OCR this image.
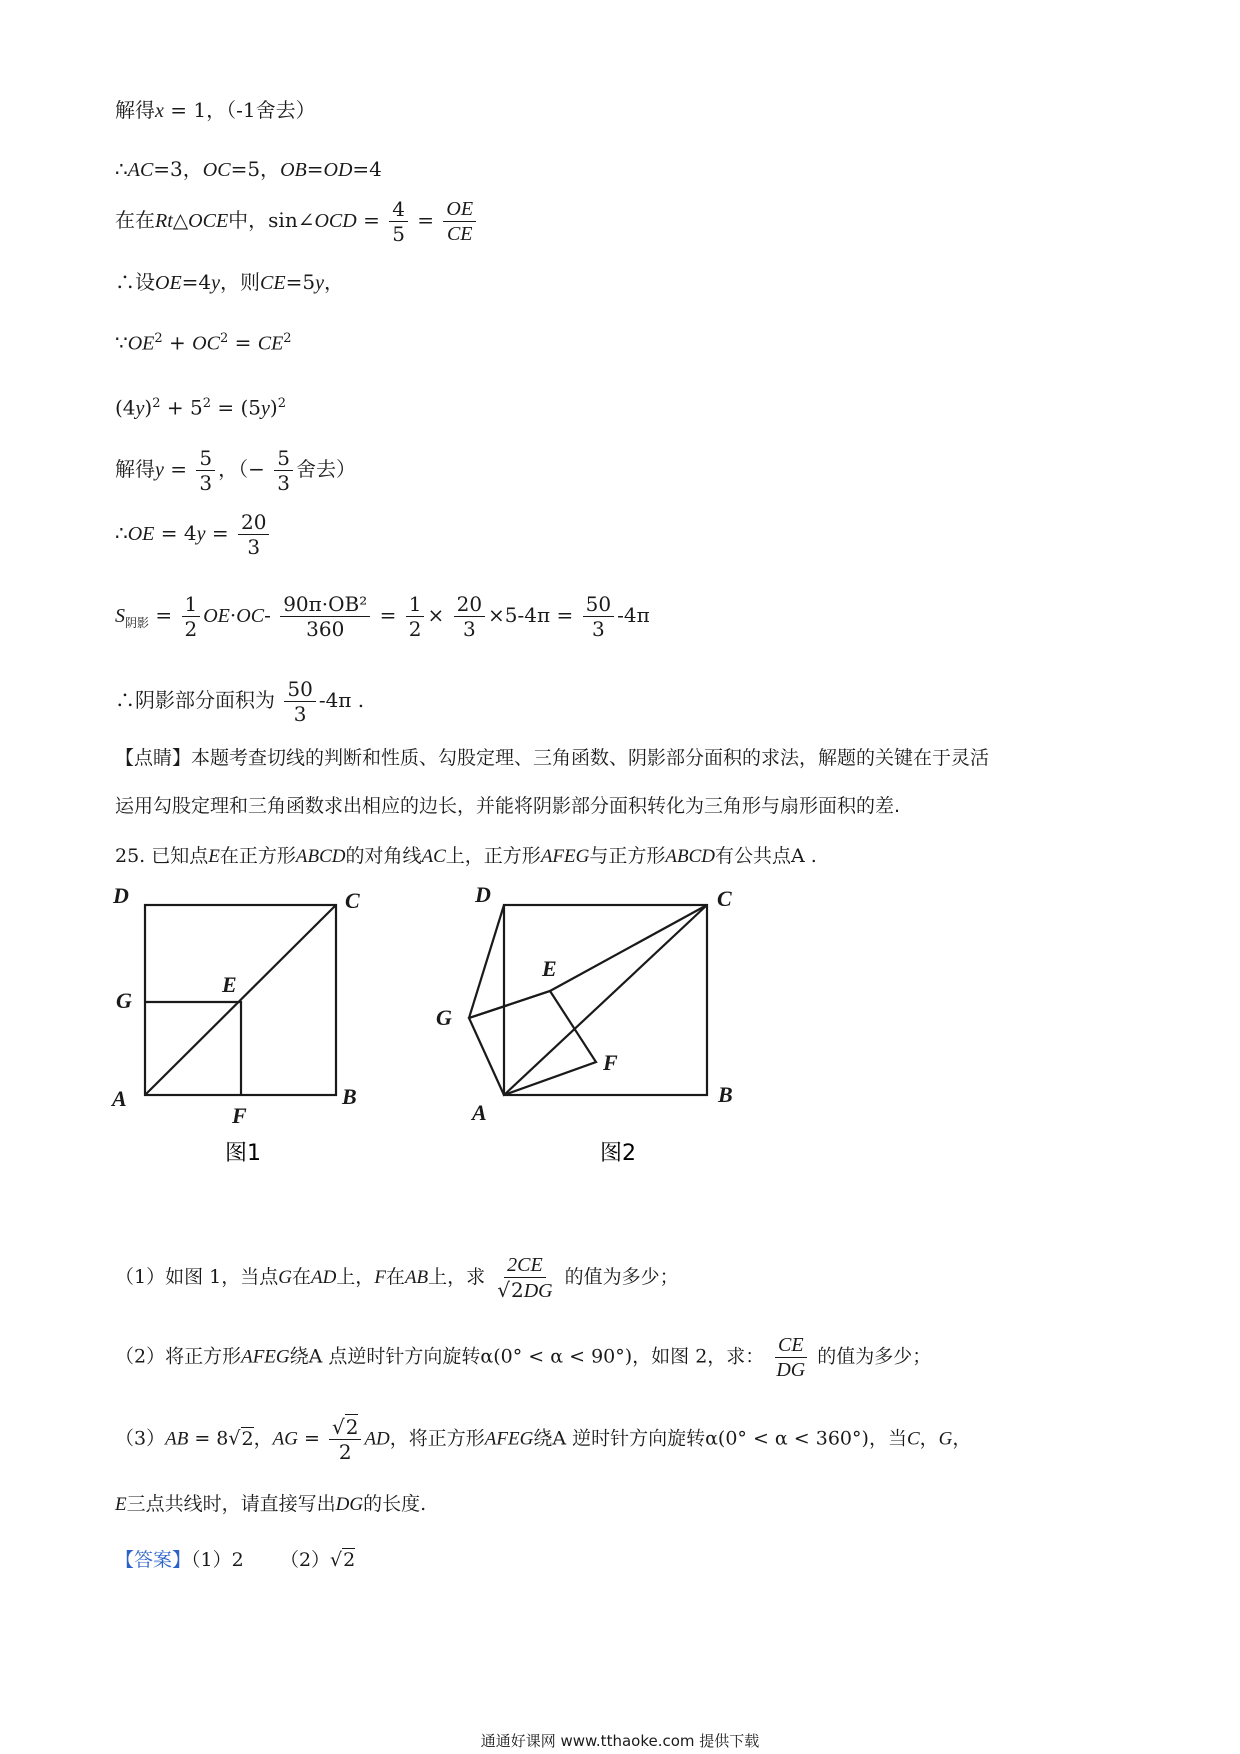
解得x = 1，（-1舍去）
∴AC=3，OC=5，OB=OD=4
在在Rt△OCE中，sin∠OCD = $\frac{4}{5} = \frac{OE}{CE}$
∴设OE=4y，则CE=5y，
$\because OE^2 + OC^2 = CE^2$
$(4y)^2 + 5^2 = (5y)^2$
解得$y = \frac{5}{3}$ ，（− $\frac{5}{3}$ 舍去）
∴OE = $4y = \frac{20}{3}$
$S_{阴影} = \frac{1}{2} OE\cdot OC- \frac{\text{90π·OB²}}{360} = \frac{1}{2} \times \frac{20}{3} \times 5-4\pi = \frac{50}{3} -4\pi$
∴阴影部分面积为 $\frac{50}{3} -4\pi$ .
【点睛】本题考查切线的判断和性质、勾股定理、三角函数、阴影部分面积的求法，解题的关键在于灵活
运用勾股定理和三角函数求出相应的边长，并能将阴影部分面积转化为三角形与扇形面积的差.
25. 已知点E在正方形ABCD的对角线AC上，正方形AFEG与正方形ABCD有公共点A .
D	C
G
E
A
F
B
图1
D	C
E
G
F
A
B
图2
（1）如图 1，当点G在AD上，F在AB上，求 $\frac{2CE}{√2DG}$ 的值为多少；
（2）将正方形AFEG绕A 点逆时针方向旋转α(0° < α < 90°)，如图 2，求： $\frac{CE}{DG}$ 的值为多少；
（3）AB = 8√2，AG = $\frac{√2}{2}$ AD，将正方形AFEG绕A 逆时针方向旋转α(0° < α < 360°)，当C，G，
E三点共线时，请直接写出DG的长度.
【答案】（1）2 （2）√2
通通好课网 www.tthaoke.com 提供下载
